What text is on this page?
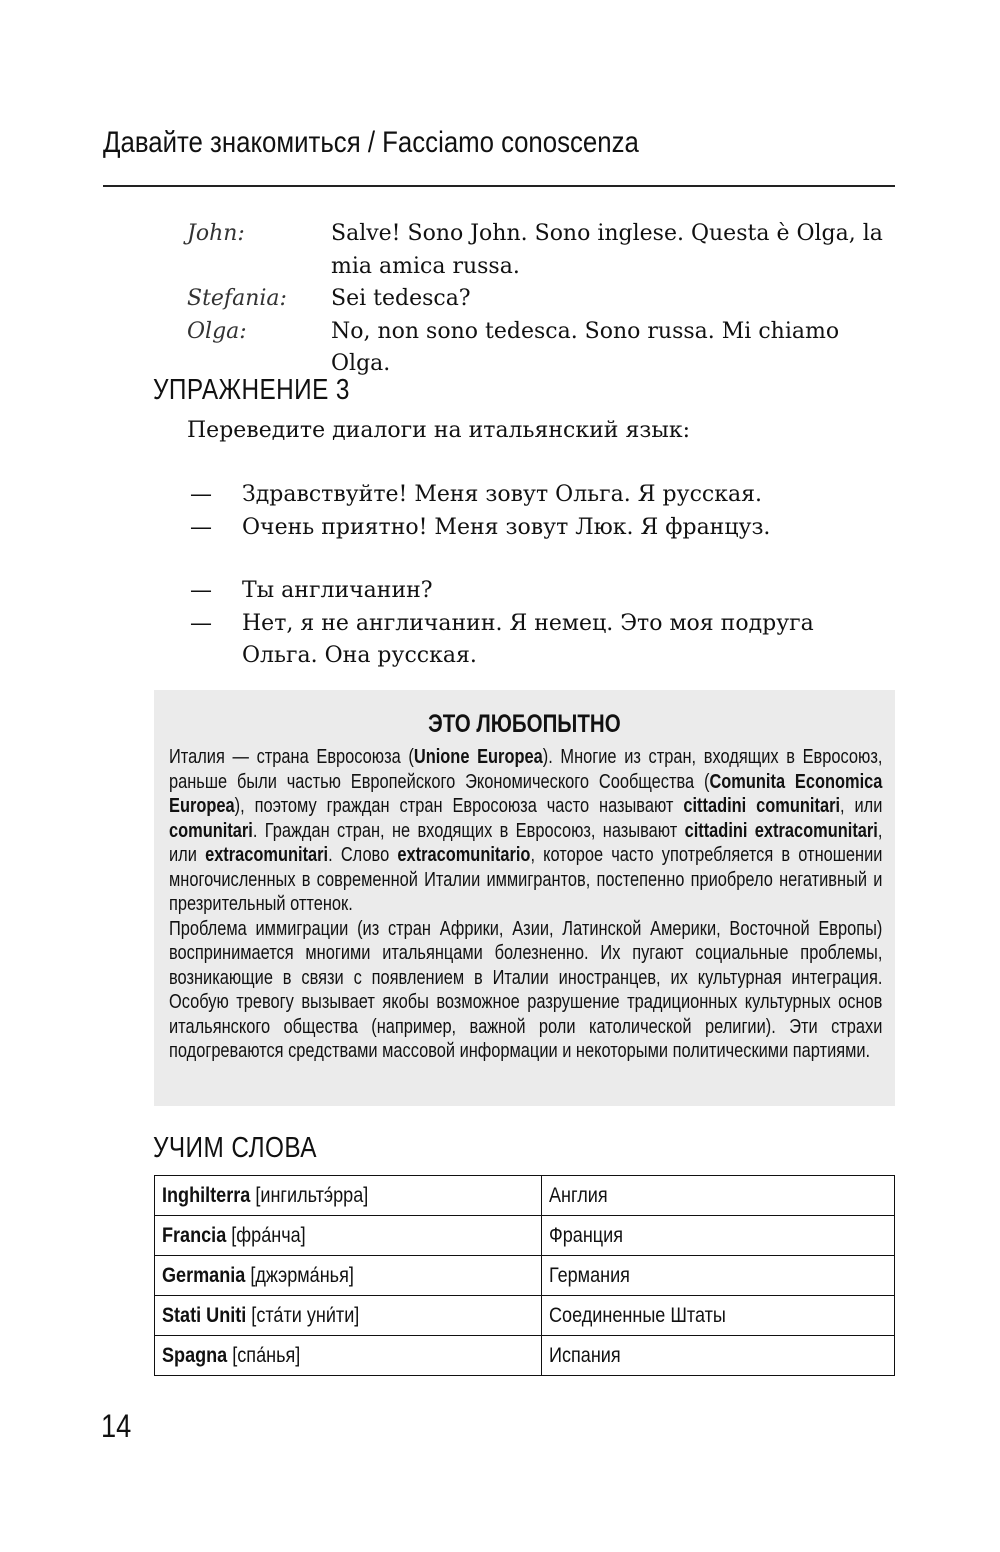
Давайте знакомиться / Facciamo conoscenza
John:	Salve! Sono John. Sono inglese. Questa è Olga, la mia amica russa.
Stefania:	Sei tedesca?
Olga:	No, non sono tedesca. Sono russa. Mi chiamo Olga.
УПРАЖНЕНИЕ 3
Переведите диалоги на итальянский язык:
—	Здравствуйте! Меня зовут Ольга. Я русская.
—	Очень приятно! Меня зовут Люк. Я француз.
—	Ты англичанин?
—	Нет, я не англичанин. Я немец. Это моя подруга Ольга. Она русская.
ЭТО ЛЮБОПЫТНО

Италия — страна Евросоюза (Unione Europea). Многие из стран, входящих в Евросоюз, раньше были частью Европейского Экономического Сообщества (Comunita Economica Europea), поэтому граждан стран Евросоюза часто называют cittadini comunitari, или comunitari. Граждан стран, не входящих в Евросоюз, называют cittadini extracomunitari, или extracomunitari. Слово extracomunitario, которое часто употребляется в отношении многочисленных в современной Италии иммигрантов, постепенно приобрело негативный и презрительный оттенок.

Проблема иммиграции (из стран Африки, Азии, Латинской Америки, Восточной Европы) воспринимается многими итальянцами болезненно. Их пугают социальные проблемы, возникающие в связи с появлением в Италии иностранцев, их культурная интеграция. Особую тревогу вызывает якобы возможное разрушение традиционных культурных основ итальянского общества (например, важной роли католической религии). Эти страхи подогреваются средствами массовой информации и некоторыми политическими партиями.

УЧИМ СЛОВА
Inghilterra [ингильтэ́рра]	Англия
Francia [фра́нча]	Франция
Germania [джэрма́нья]	Германия
Stati Uniti [ста́ти уни́ти]	Соединенные Штаты
Spagna [спа́нья]	Испания
14
